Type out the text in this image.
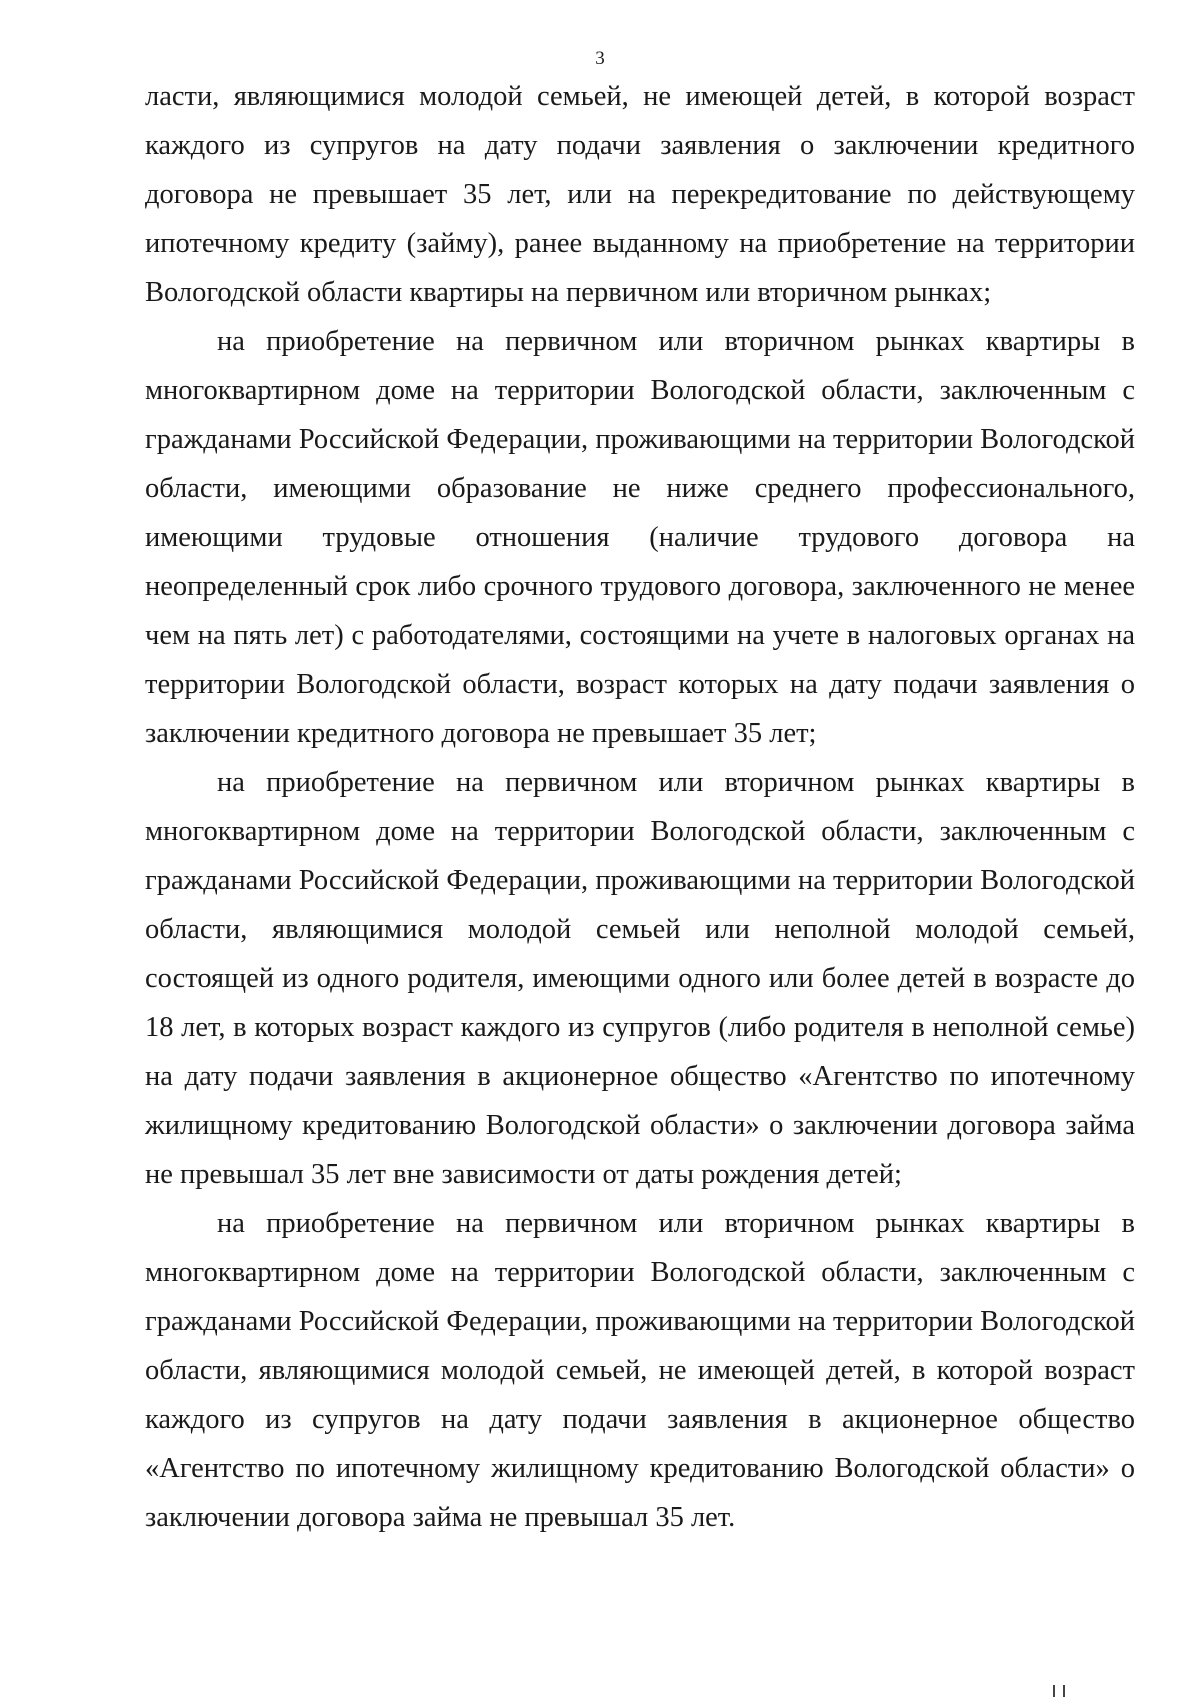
3

ласти, являющимися молодой семьей, не имеющей детей, в которой возраст каждого из супругов на дату подачи заявления о заключении кредитного договора не превышает 35 лет, или на перекредитование по действующему ипотечному кредиту (займу), ранее выданному на приобретение на территории Вологодской области квартиры на первичном или вторичном рынках;

на приобретение на первичном или вторичном рынках квартиры в многоквартирном доме на территории Вологодской области, заключенным с гражданами Российской Федерации, проживающими на территории Вологодской области, имеющими образование не ниже среднего профессионального, имеющими трудовые отношения (наличие трудового договора на неопределенный срок либо срочного трудового договора, заключенного не менее чем на пять лет) с работодателями, состоящими на учете в налоговых органах на территории Вологодской области, возраст которых на дату подачи заявления о заключении кредитного договора не превышает 35 лет;

на приобретение на первичном или вторичном рынках квартиры в многоквартирном доме на территории Вологодской области, заключенным с гражданами Российской Федерации, проживающими на территории Вологодской области, являющимися молодой семьей или неполной молодой семьей, состоящей из одного родителя, имеющими одного или более детей в возрасте до 18 лет, в которых возраст каждого из супругов (либо родителя в неполной семье) на дату подачи заявления в акционерное общество «Агентство по ипотечному жилищному кредитованию Вологодской области» о заключении договора займа не превышал 35 лет вне зависимости от даты рождения детей;

на приобретение на первичном или вторичном рынках квартиры в многоквартирном доме на территории Вологодской области, заключенным с гражданами Российской Федерации, проживающими на территории Вологодской области, являющимися молодой семьей, не имеющей детей, в которой возраст каждого из супругов на дату подачи заявления в акционерное общество «Агентство по ипотечному жилищному кредитованию Вологодской области» о заключении договора займа не превышал 35 лет.
